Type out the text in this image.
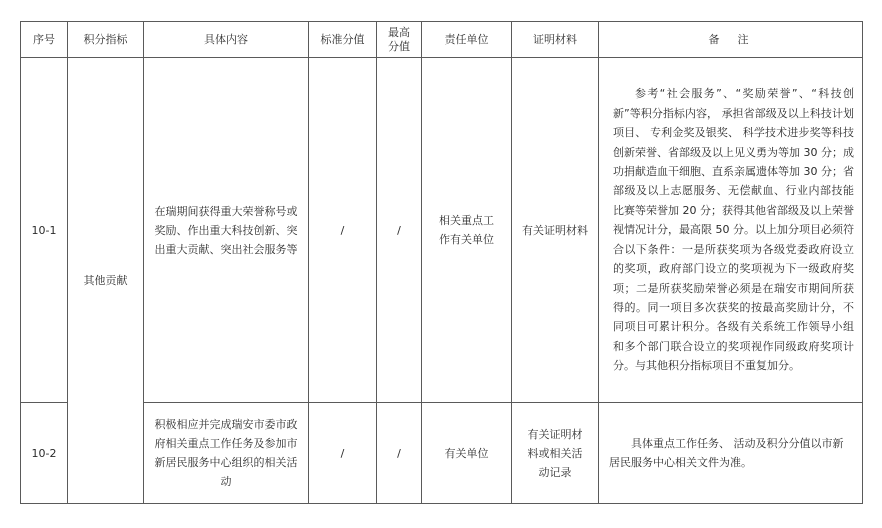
序号	积分指标	具体内容	标准分值	最高分值	责任单位	证明材料	备注
10-1	其他贡献	在瑞期间获得重大荣誉称号或奖励、作出重大科技创新、突出重大贡献、突出社会服务等	/	/	相关重点工作有关单位	有关证明材料	参考“社会服务”、“奖励荣誉”、“科技创新”等积分指标内容， 承担省部级及以上科技计划项目、 专利金奖及银奖、 科学技术进步奖等科技创新荣誉、省部级及以上见义勇为等加 30 分；成功捐献造血干细胞、直系亲属遗体等加 30 分；省部级及以上志愿服务、无偿献血、行业内部技能比赛等荣誉加 20 分；获得其他省部级及以上荣誉视情况计分，最高限 50 分。以上加分项目必须符合以下条件：一是所获奖项为各级党委政府设立的奖项，政府部门设立的奖项视为下一级政府奖项；二是所获奖励荣誉必须是在瑞安市期间所获得的。同一项目多次获奖的按最高奖励计分，不同项目可累计积分。各级有关系统工作领导小组和多个部门联合设立的奖项视作同级政府奖项计分。与其他积分指标项目不重复加分。

10-2		积极相应并完成瑞安市委市政府相关重点工作任务及参加市新居民服务中心组织的相关活动	/	/	有关单位	有关证明材料或相关活动记录	具体重点工作任务、 活动及积分分值以市新居民服务中心相关文件为准。
